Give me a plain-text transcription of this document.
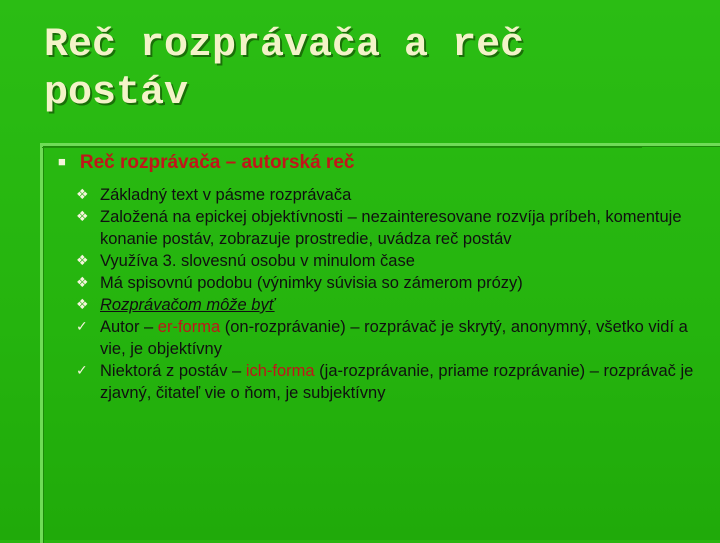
Reč rozprávača a reč postáv
■ Reč rozprávača – autorská reč
❖ Základný text v pásme rozprávača
❖ Založená na epickej objektívnosti – nezainteresovane rozvíja príbeh, komentuje konanie postáv, zobrazuje prostredie, uvádza reč postáv
❖ Využíva 3. slovesnú osobu v minulom čase
❖ Má spisovnú podobu (výnimky súvisia so zámerom prózy)
❖ Rozprávačom môže byť
✓ Autor – er-forma (on-rozprávanie) – rozprávač je skrytý, anonymný, všetko vidí a vie, je objektívny
✓ Niektorá z postáv – ich-forma (ja-rozprávanie, priame rozprávanie) – rozprávač je zjavný, čitateľ vie o ňom, je subjektívny
